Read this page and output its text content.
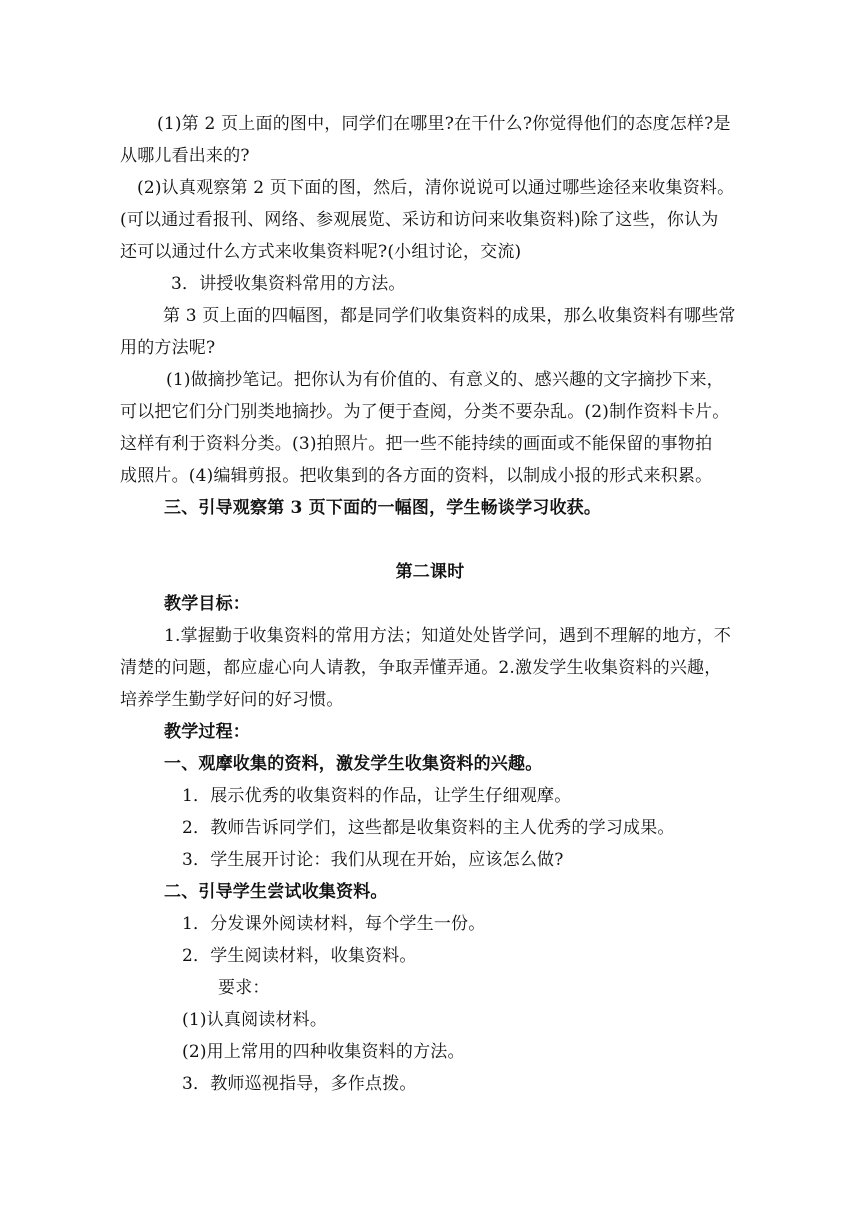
(1)第 2 页上面的图中，同学们在哪里?在干什么?你觉得他们的态度怎样?是
从哪儿看出来的?
(2)认真观察第 2 页下面的图，然后，清你说说可以通过哪些途径来收集资料。
(可以通过看报刊、网络、参观展览、采访和访问来收集资料)除了这些，你认为
还可以通过什么方式来收集资料呢?(小组讨论，交流)
3．讲授收集资料常用的方法。
第 3 页上面的四幅图，都是同学们收集资料的成果，那么收集资料有哪些常
用的方法呢?
(1)做摘抄笔记。把你认为有价值的、有意义的、感兴趣的文字摘抄下来，
可以把它们分门别类地摘抄。为了便于查阅，分类不要杂乱。(2)制作资料卡片。
这样有利于资料分类。(3)拍照片。把一些不能持续的画面或不能保留的事物拍
成照片。(4)编辑剪报。把收集到的各方面的资料，以制成小报的形式来积累。
三、引导观察第 3 页下面的一幅图，学生畅谈学习收获。
第二课时
教学目标：
1.掌握勤于收集资料的常用方法；知道处处皆学问，遇到不理解的地方，不
清楚的问题，都应虚心向人请教，争取弄懂弄通。2.激发学生收集资料的兴趣，
培养学生勤学好问的好习惯。
教学过程：
一、观摩收集的资料，激发学生收集资料的兴趣。
1．展示优秀的收集资料的作品，让学生仔细观摩。
2．教师告诉同学们，这些都是收集资料的主人优秀的学习成果。
3．学生展开讨论：我们从现在开始，应该怎么做?
二、引导学生尝试收集资料。
1．分发课外阅读材料，每个学生一份。
2．学生阅读材料，收集资料。
要求：
(1)认真阅读材料。
(2)用上常用的四种收集资料的方法。
3．教师巡视指导，多作点拨。
